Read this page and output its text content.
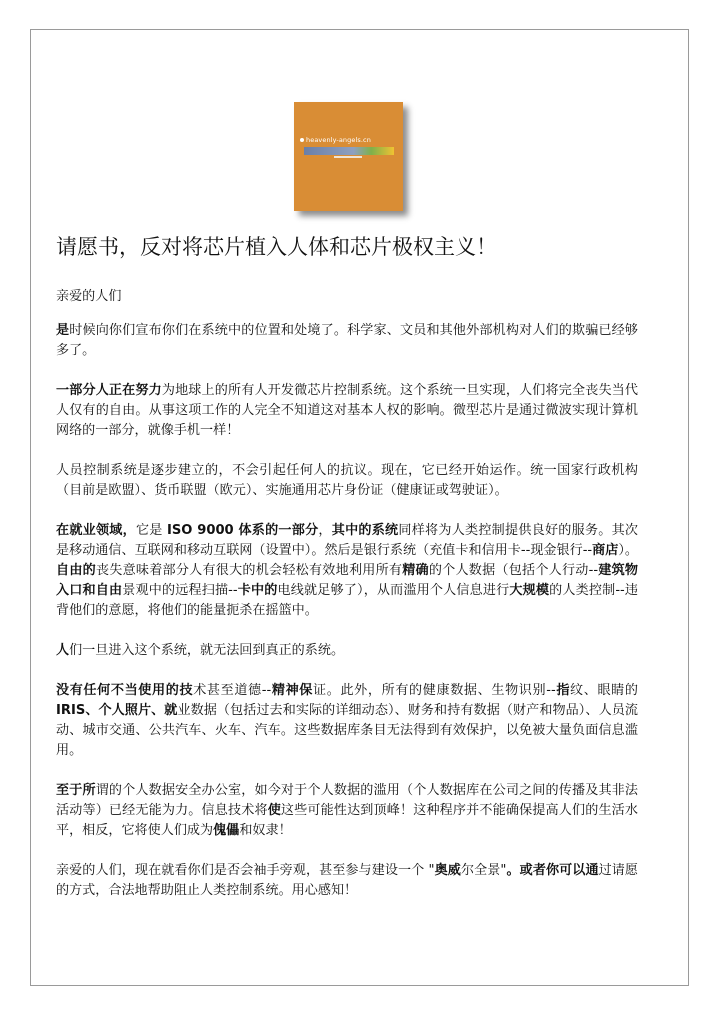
heavenly-angels.cn
请愿书，反对将芯片植入人体和芯片极权主义！

亲爱的人们

是时候向你们宣布你们在系统中的位置和处境了。科学家、文员和其他外部机构对人们的欺骗已经够多了。

一部分人正在努力为地球上的所有人开发微芯片控制系统。这个系统一旦实现，人们将完全丧失当代人仅有的自由。从事这项工作的人完全不知道这对基本人权的影响。微型芯片是通过微波实现计算机网络的一部分，就像手机一样！

人员控制系统是逐步建立的，不会引起任何人的抗议。现在，它已经开始运作。统一国家行政机构（目前是欧盟）、货币联盟（欧元）、实施通用芯片身份证（健康证或驾驶证）。

在就业领域，它是 ISO 9000 体系的一部分，其中的系统同样将为人类控制提供良好的服务。其次是移动通信、互联网和移动互联网（设置中）。然后是银行系统（充值卡和信用卡--现金银行--商店）。自由的丧失意味着部分人有很大的机会轻松有效地利用所有精确的个人数据（包括个人行动--建筑物入口和自由景观中的远程扫描--卡中的电线就足够了），从而滥用个人信息进行大规模的人类控制--违背他们的意愿，将他们的能量扼杀在摇篮中。

人们一旦进入这个系统，就无法回到真正的系统。

没有任何不当使用的技术甚至道德--精神保证。此外，所有的健康数据、生物识别--指纹、眼睛的 IRIS、个人照片、就业数据（包括过去和实际的详细动态）、财务和持有数据（财产和物品）、人员流动、城市交通、公共汽车、火车、汽车。这些数据库条目无法得到有效保护，以免被大量负面信息滥用。

至于所谓的个人数据安全办公室，如今对于个人数据的滥用（个人数据库在公司之间的传播及其非法活动等）已经无能为力。信息技术将使这些可能性达到顶峰！这种程序并不能确保提高人们的生活水平，相反，它将使人们成为傀儡和奴隶！

亲爱的人们，现在就看你们是否会袖手旁观，甚至参与建设一个 "奥威尔全景"。或者你可以通过请愿的方式，合法地帮助阻止人类控制系统。用心感知！
